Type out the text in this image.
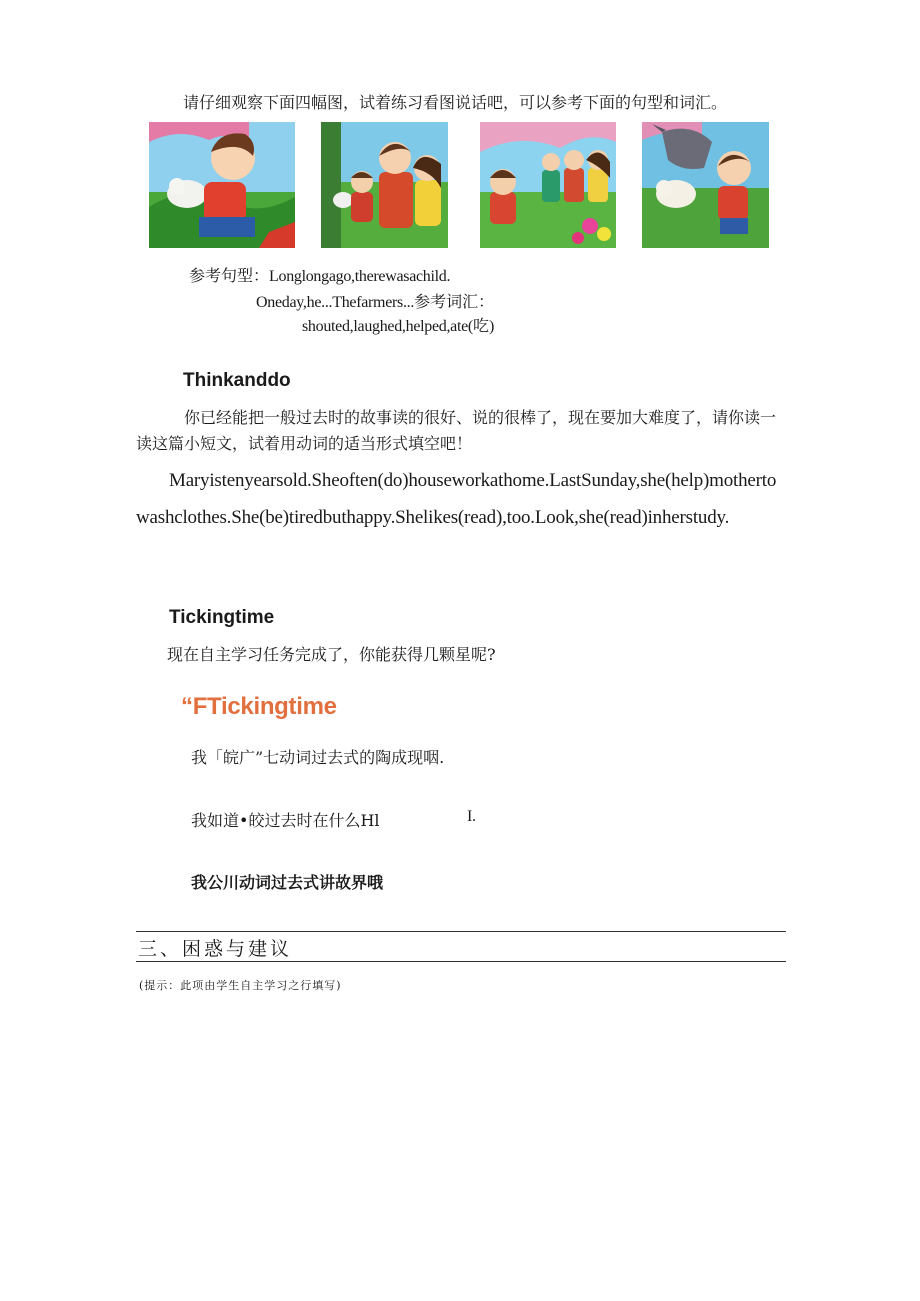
请仔细观察下面四幅图，试着练习看图说话吧，可以参考下面的句型和词汇。
参考句型：Longlongago,therewasachild.
Oneday,he...Thefarmers...参考词汇：
shouted,laughed,helped,ate(吃)
Thinkanddo
你已经能把一般过去时的故事读的很好、说的很棒了，现在要加大难度了，请你读一读这篇小短文，试着用动词的适当形式填空吧！
Maryistenyearsold.Sheoften(do)houseworkathome.LastSunday,she(help)mothertowashclothes.She(be)tiredbuthappy.Shelikes(read),too.Look,she(read)inherstudy.
Tickingtime
现在自主学习任务完成了，你能获得几颗星呢?
“FTickingtime
我「皖广”七动词过去式的陶成现咽.
我如道•皎过去时在什么Hl	I.
我公川动词过去式讲故界哦
三、困惑与建议
(提示：此项由学生自主学习之行填写)
